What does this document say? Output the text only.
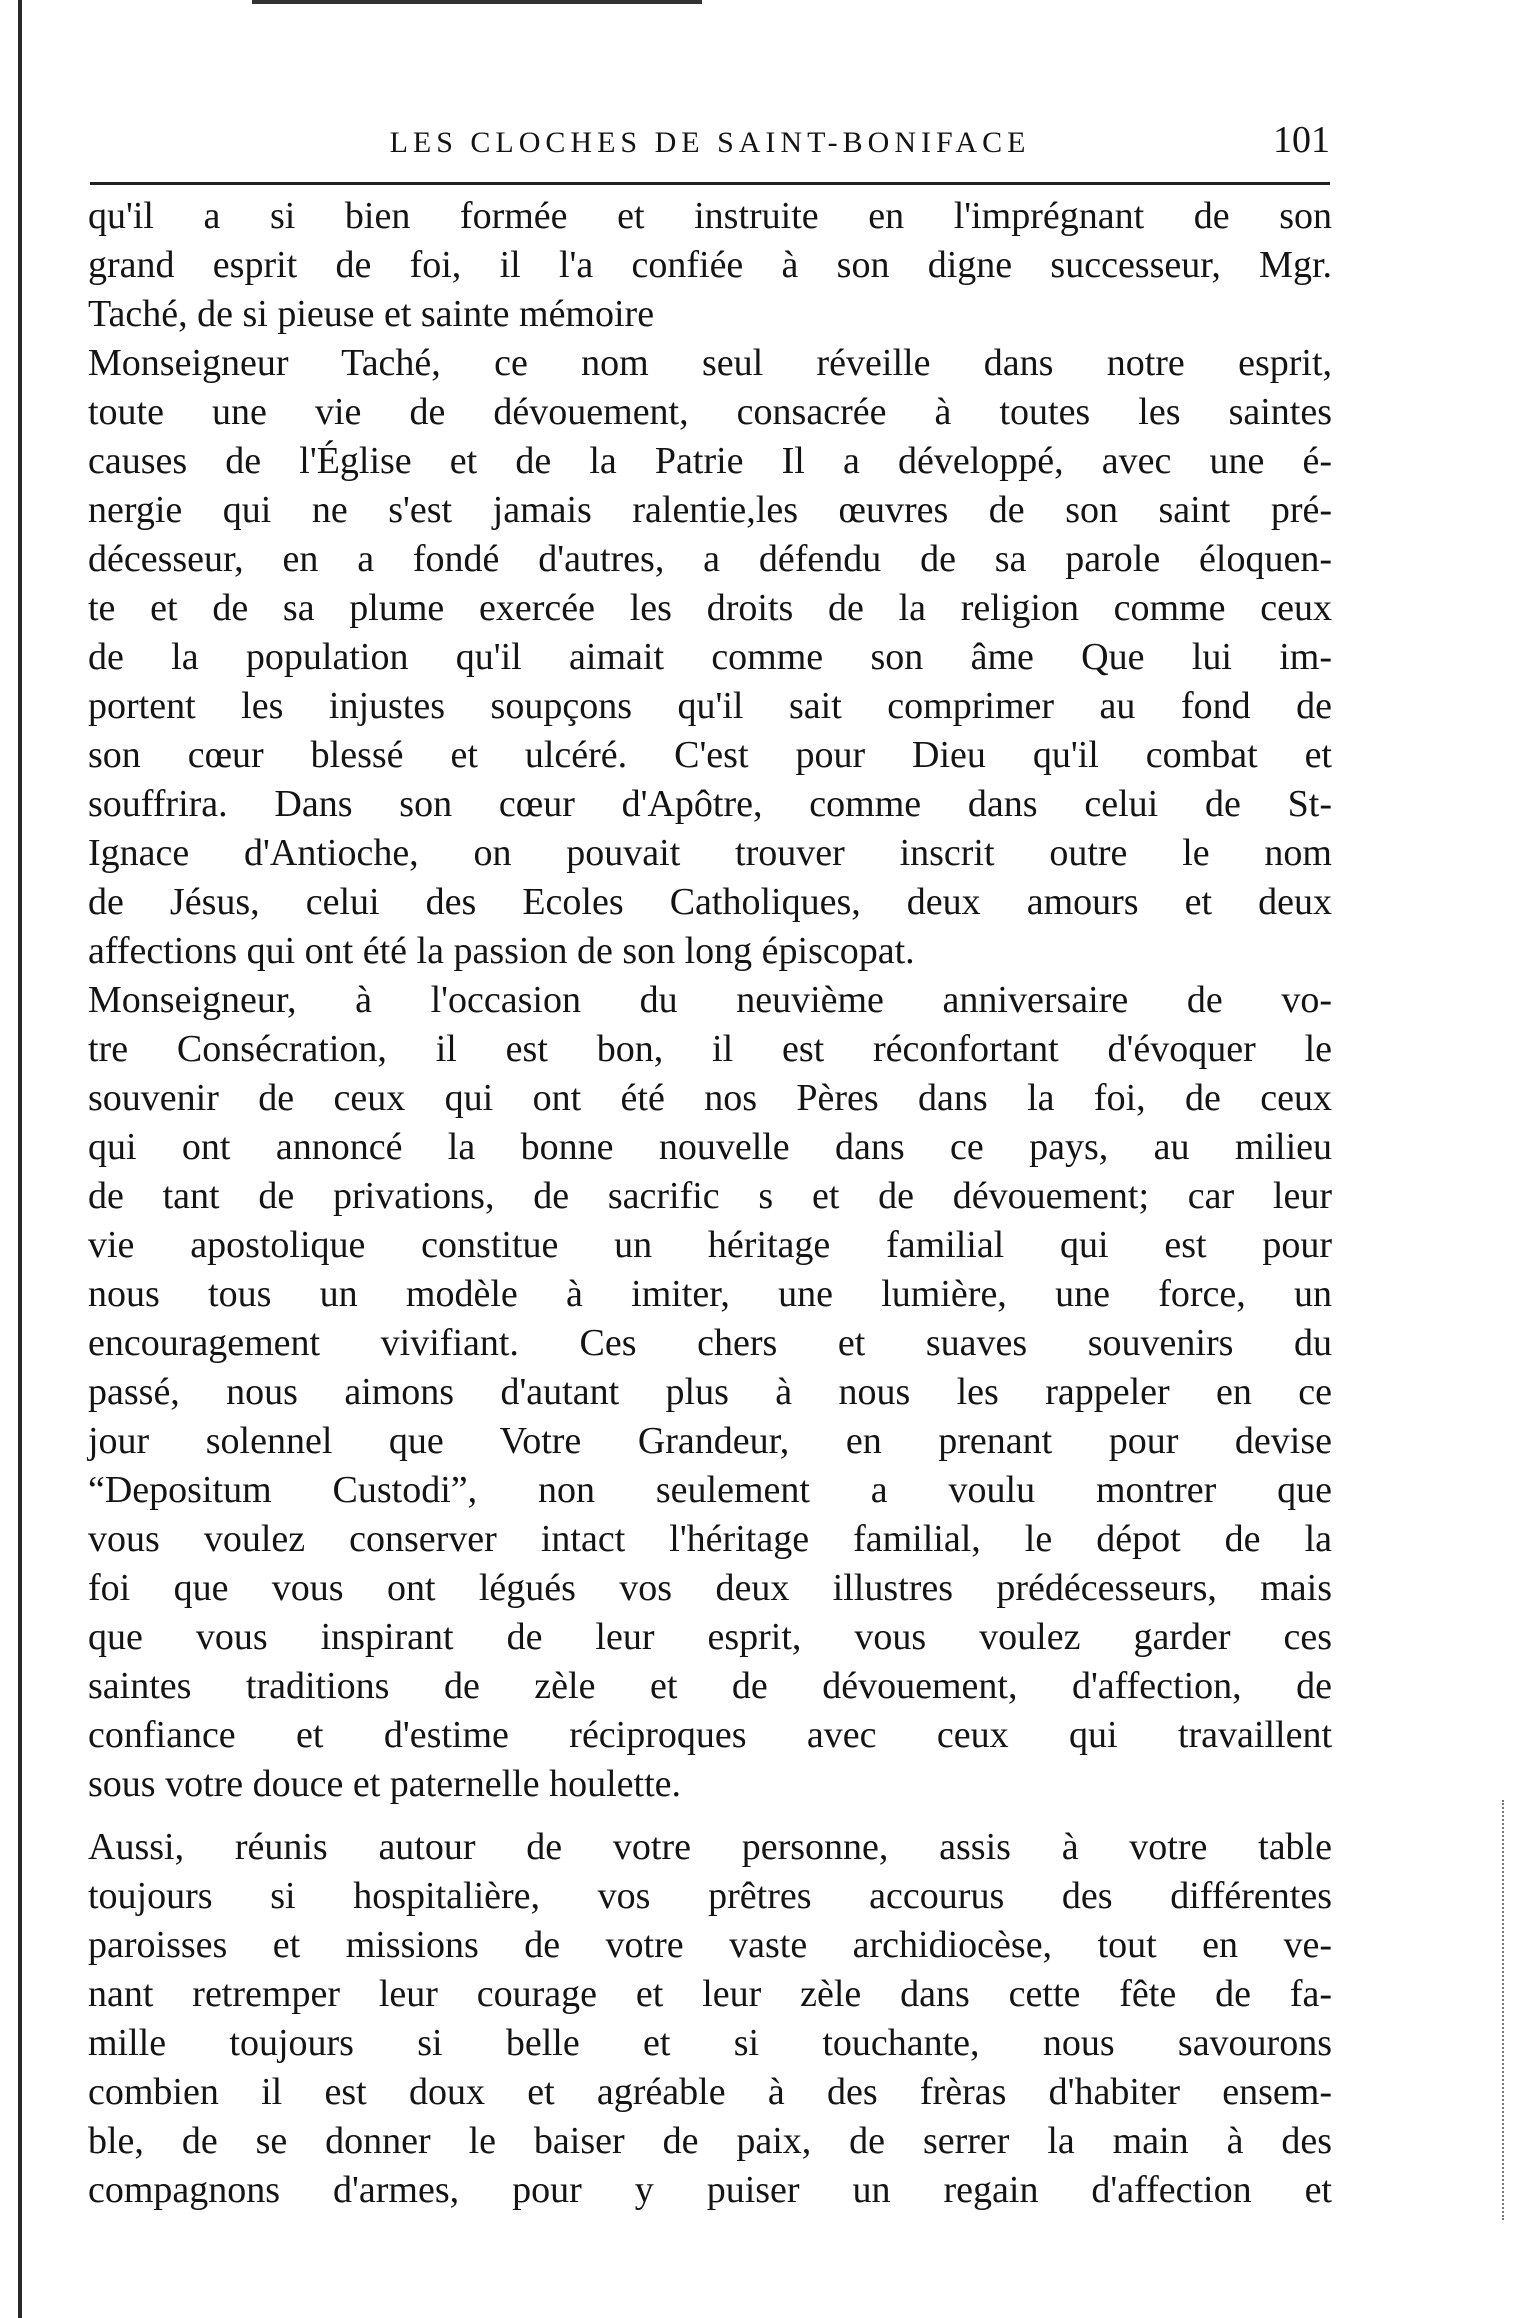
LES CLOCHES DE SAINT-BONIFACE	101
qu'il a si bien formée et instruite en l'imprégnant de son
grand esprit de foi, il l'a confiée à son digne successeur, Mgr.
Taché, de si pieuse et sainte mémoire
Monseigneur Taché, ce nom seul réveille dans notre esprit,
toute une vie de dévouement, consacrée à toutes les saintes
causes de l'Église et de la Patrie Il a développé, avec une é-
nergie qui ne s'est jamais ralentie,les œuvres de son saint pré-
décesseur, en a fondé d'autres, a défendu de sa parole éloquen-
te et de sa plume exercée les droits de la religion comme ceux
de la population qu'il aimait comme son âme Que lui im-
portent les injustes soupçons qu'il sait comprimer au fond de
son cœur blessé et ulcéré. C'est pour Dieu qu'il combat et
souffrira. Dans son cœur d'Apôtre, comme dans celui de St-
Ignace d'Antioche, on pouvait trouver inscrit outre le nom
de Jésus, celui des Ecoles Catholiques, deux amours et deux
affections qui ont été la passion de son long épiscopat.
Monseigneur, à l'occasion du neuvième anniversaire de vo-
tre Consécration, il est bon, il est réconfortant d'évoquer le
souvenir de ceux qui ont été nos Pères dans la foi, de ceux
qui ont annoncé la bonne nouvelle dans ce pays, au milieu
de tant de privations, de sacrific s et de dévouement; car leur
vie apostolique constitue un héritage familial qui est pour
nous tous un modèle à imiter, une lumière, une force, un
encouragement vivifiant. Ces chers et suaves souvenirs du
passé, nous aimons d'autant plus à nous les rappeler en ce
jour solennel que Votre Grandeur, en prenant pour devise
“Depositum Custodi”, non seulement a voulu montrer que
vous voulez conserver intact l'héritage familial, le dépot de la
foi que vous ont légués vos deux illustres prédécesseurs, mais
que vous inspirant de leur esprit, vous voulez garder ces
saintes traditions de zèle et de dévouement, d'affection, de
confiance et d'estime réciproques avec ceux qui travaillent
sous votre douce et paternelle houlette.
Aussi, réunis autour de votre personne, assis à votre table
toujours si hospitalière, vos prêtres accourus des différentes
paroisses et missions de votre vaste archidiocèse, tout en ve-
nant retremper leur courage et leur zèle dans cette fête de fa-
mille toujours si belle et si touchante, nous savourons
combien il est doux et agréable à des frèras d'habiter ensem-
ble, de se donner le baiser de paix, de serrer la main à des
compagnons d'armes, pour y puiser un regain d'affection et
